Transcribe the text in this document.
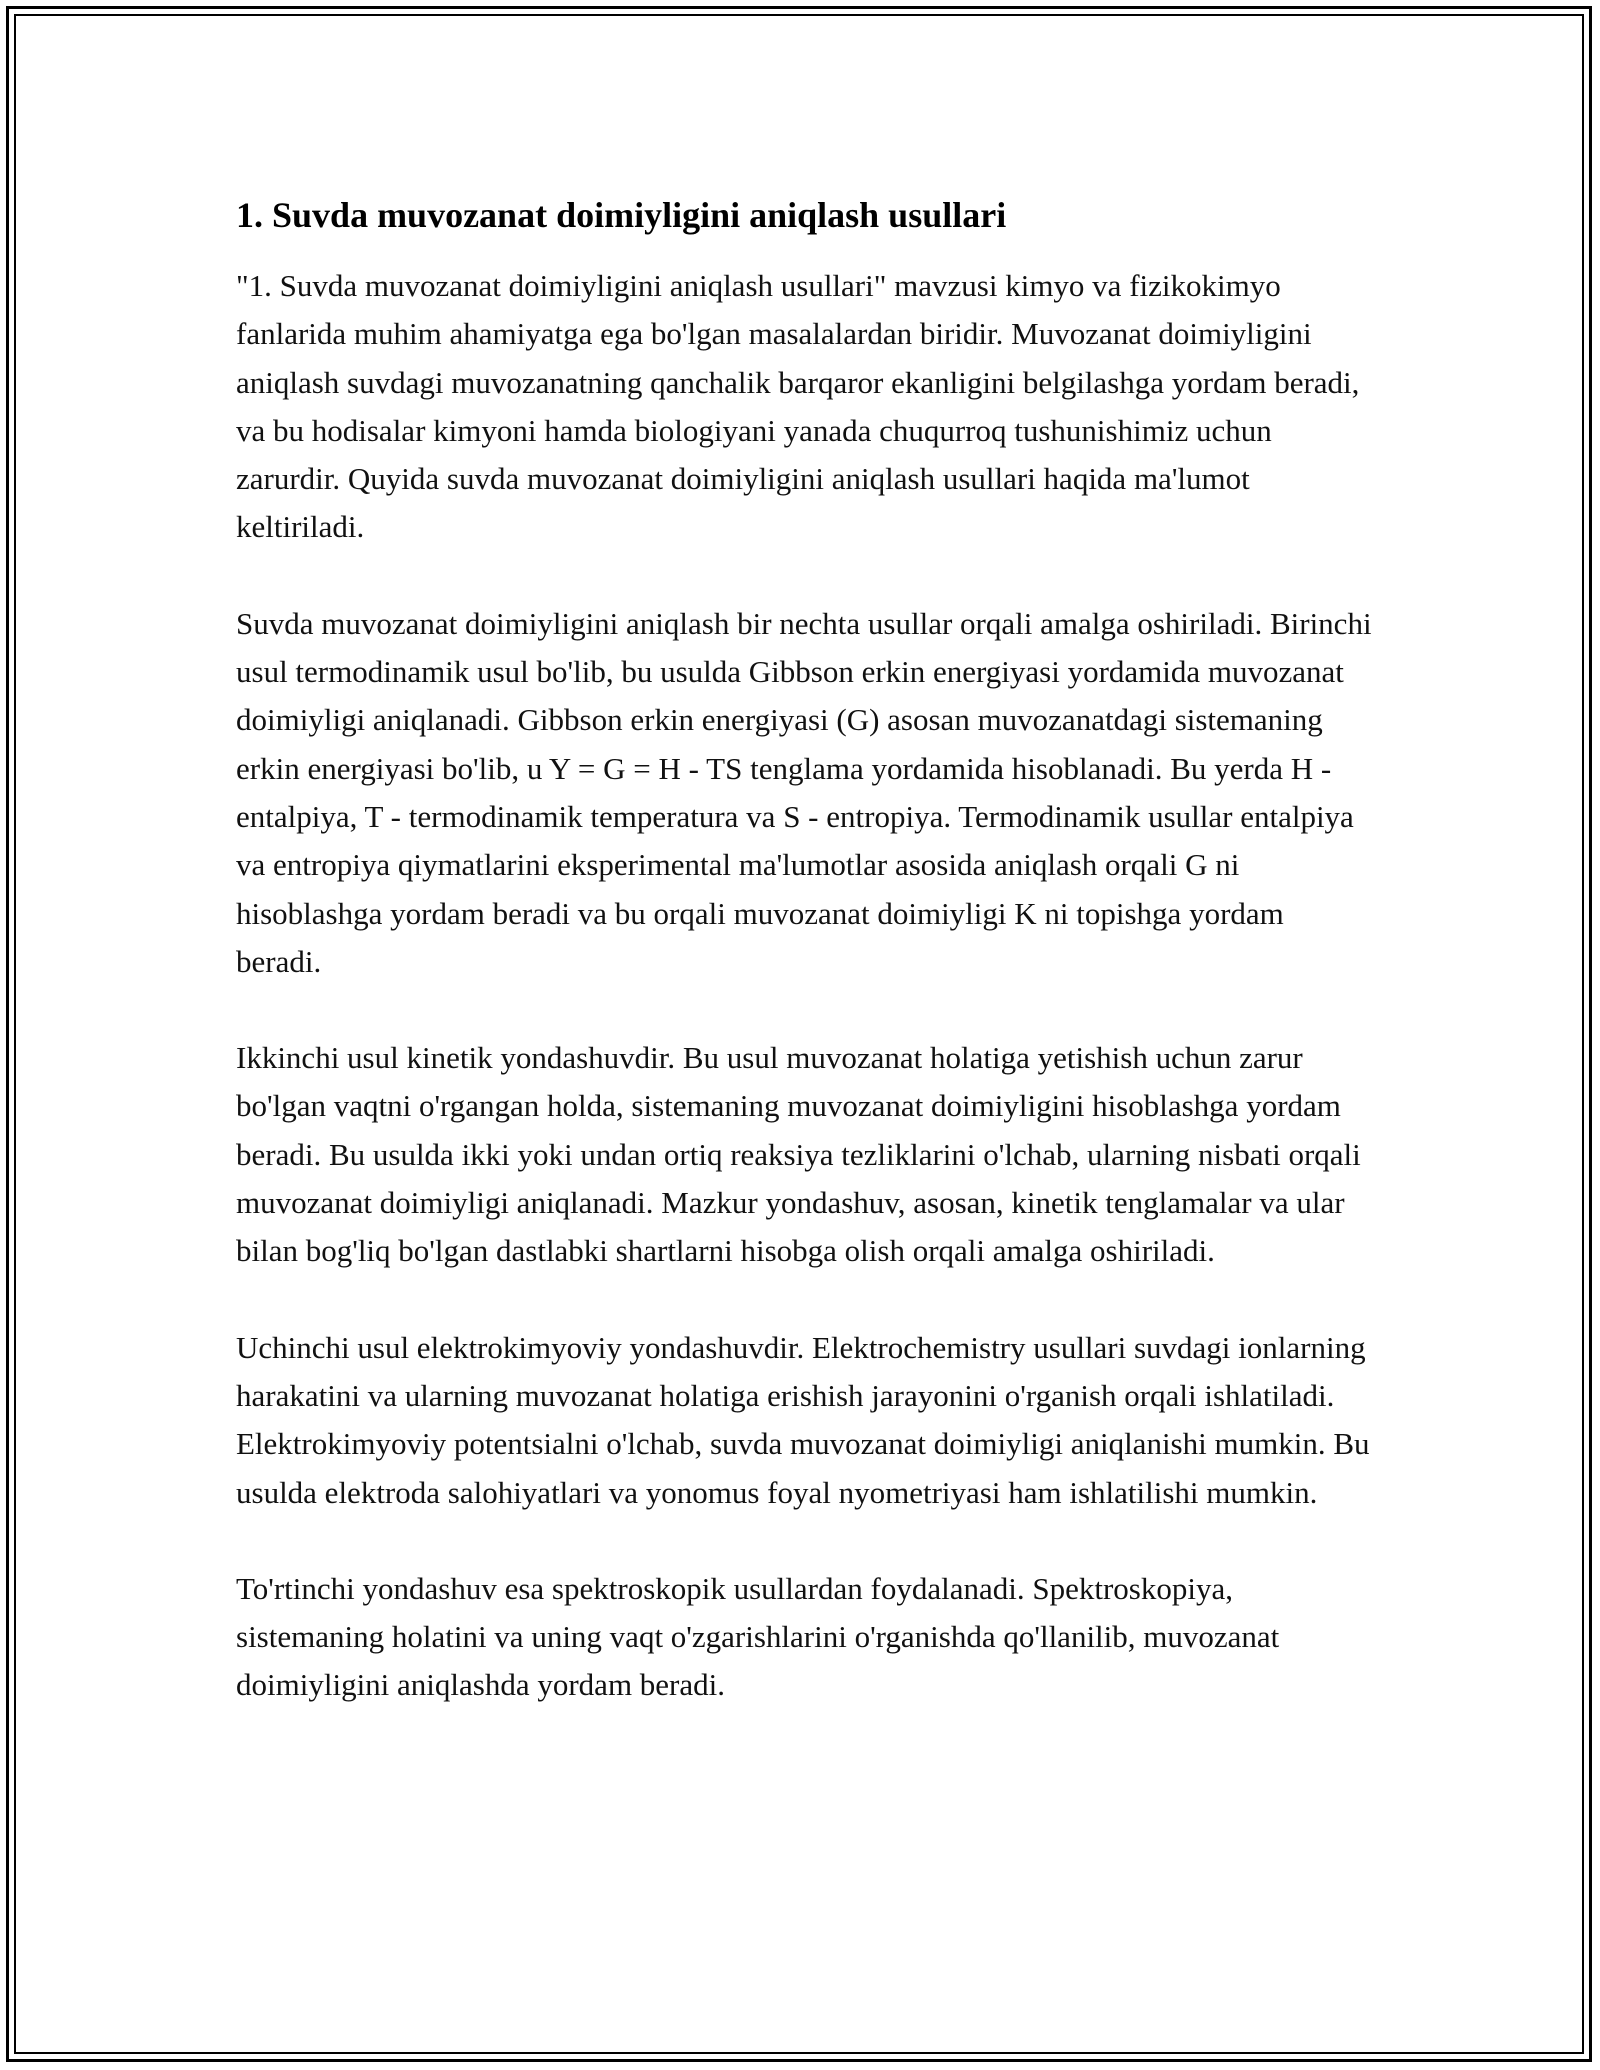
1. Suvda muvozanat doimiyligini aniqlash usullari

"1. Suvda muvozanat doimiyligini aniqlash usullari" mavzusi kimyo va fizikokimyo fanlarida muhim ahamiyatga ega bo'lgan masalalardan biridir. Muvozanat doimiyligini aniqlash suvdagi muvozanatning qanchalik barqaror ekanligini belgilashga yordam beradi, va bu hodisalar kimyoni hamda biologiyani yanada chuqurroq tushunishimiz uchun zarurdir. Quyida suvda muvozanat doimiyligini aniqlash usullari haqida ma'lumot keltiriladi.

Suvda muvozanat doimiyligini aniqlash bir nechta usullar orqali amalga oshiriladi. Birinchi usul termodinamik usul bo'lib, bu usulda Gibbson erkin energiyasi yordamida muvozanat doimiyligi aniqlanadi. Gibbson erkin energiyasi (G) asosan muvozanatdagi sistemaning erkin energiyasi bo'lib, u Y = G = H - TS tenglama yordamida hisoblanadi. Bu yerda H - entalpiya, T - termodinamik temperatura va S - entropiya. Termodinamik usullar entalpiya va entropiya qiymatlarini eksperimental ma'lumotlar asosida aniqlash orqali G ni hisoblashga yordam beradi va bu orqali muvozanat doimiyligi K ni topishga yordam beradi.

Ikkinchi usul kinetik yondashuvdir. Bu usul muvozanat holatiga yetishish uchun zarur bo'lgan vaqtni o'rgangan holda, sistemaning muvozanat doimiyligini hisoblashga yordam beradi. Bu usulda ikki yoki undan ortiq reaksiya tezliklarini o'lchab, ularning nisbati orqali muvozanat doimiyligi aniqlanadi. Mazkur yondashuv, asosan, kinetik tenglamalar va ular bilan bog'liq bo'lgan dastlabki shartlarni hisobga olish orqali amalga oshiriladi.

Uchinchi usul elektrokimyoviy yondashuvdir. Elektrochemistry usullari suvdagi ionlarning harakatini va ularning muvozanat holatiga erishish jarayonini o'rganish orqali ishlatiladi. Elektrokimyoviy potentsialni o'lchab, suvda muvozanat doimiyligi aniqlanishi mumkin. Bu usulda elektroda salohiyatlari va yonomus foyal nyometriyasi ham ishlatilishi mumkin.

To'rtinchi yondashuv esa spektroskopik usullardan foydalanadi. Spektroskopiya, sistemaning holatini va uning vaqt o'zgarishlarini o'rganishda qo'llanilib, muvozanat doimiyligini aniqlashda yordam beradi.
